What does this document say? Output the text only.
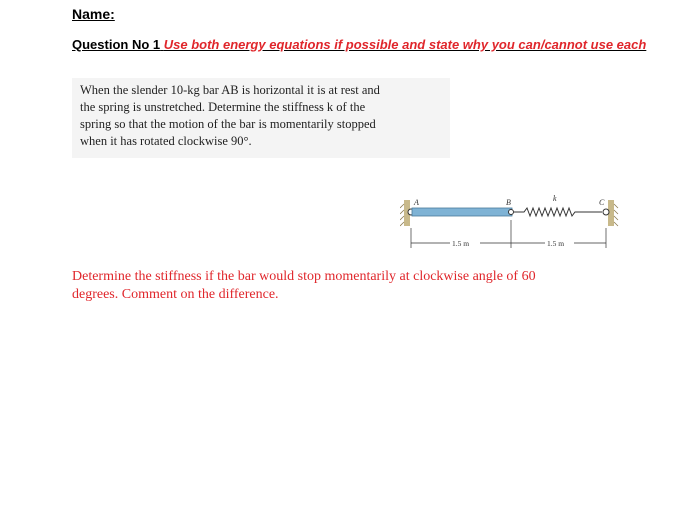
Name:
Question No 1 Use both energy equations if possible and state why you can/cannot use each
When the slender 10-kg bar AB is horizontal it is at rest and
the spring is unstretched. Determine the stiffness k of the
spring so that the motion of the bar is momentarily stopped
when it has rotated clockwise 90°.
A	B	C
k
1.5 m	1.5 m
Determine the stiffness if the bar would stop momentarily at clockwise angle of 60
degrees. Comment on the difference.
